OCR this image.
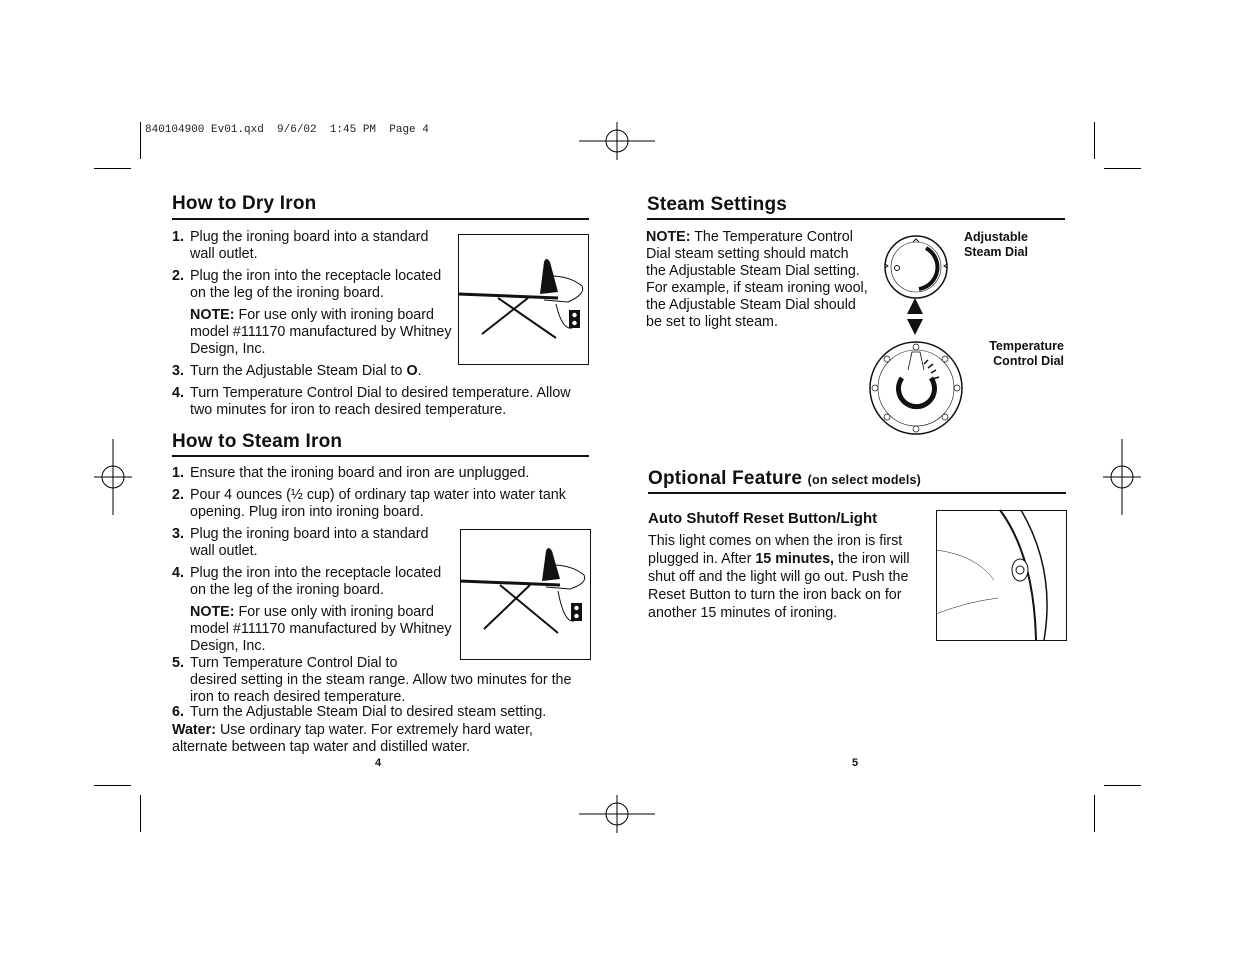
840104900 Ev01.qxd  9/6/02  1:45 PM  Page 4
How to Dry Iron
1. Plug the ironing board into a standard wall outlet.
2. Plug the iron into the receptacle located on the leg of the ironing board.
NOTE: For use only with ironing board model #111170 manufactured by Whitney Design, Inc.
3. Turn the Adjustable Steam Dial to O.
4. Turn Temperature Control Dial to desired temperature. Allow two minutes for iron to reach desired temperature.
How to Steam Iron
1. Ensure that the ironing board and iron are unplugged.
2. Pour 4 ounces (½ cup) of ordinary tap water into water tank opening. Plug iron into ironing board.
3. Plug the ironing board into a standard wall outlet.
4. Plug the iron into the receptacle located on the leg of the ironing board.
NOTE: For use only with ironing board model #111170 manufactured by Whitney Design, Inc.
5. Turn Temperature Control Dial to
desired setting in the steam range. Allow two minutes for the iron to reach desired temperature.
6. Turn the Adjustable Steam Dial to desired steam setting.
Water: Use ordinary tap water. For extremely hard water, alternate between tap water and distilled water.
4
Steam Settings
NOTE: The Temperature Control Dial steam setting should match the Adjustable Steam Dial setting. For example, if steam ironing wool, the Adjustable Steam Dial should be set to light steam.
Adjustable Steam Dial
Temperature Control Dial
Optional Feature (on select models)
Auto Shutoff Reset Button/Light
This light comes on when the iron is first plugged in. After 15 minutes, the iron will shut off and the light will go out. Push the Reset Button to turn the iron back on for another 15 minutes of ironing.
5
